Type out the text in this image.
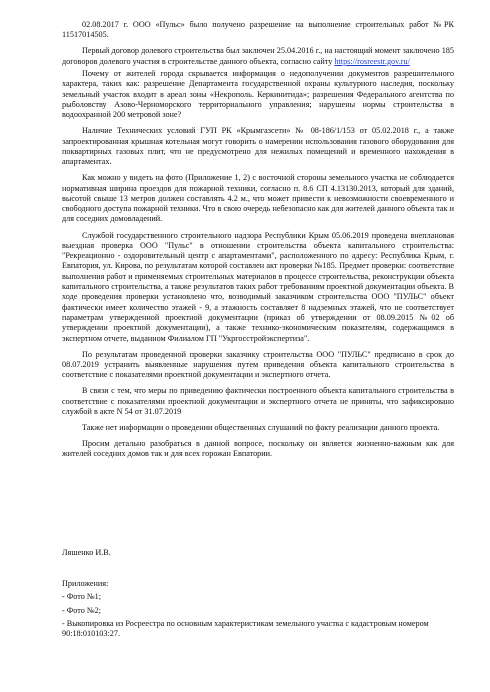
02.08.2017 г. ООО «Пульс» было получено разрешение на выполнение строительных работ №РК 11517014505.

Первый договор долевого строительства был заключен 25.04.2016 г., на настоящий момент заключено 185 договоров долевого участия в строительстве данного объекта, согласно сайту https://rosreestr.gov.ru/

Почему от жителей города скрывается информация о недополучении документов разрешительного характера, таких как: разрешение Департамента государственной охраны культурного наследия, поскольку земельный участок входит в ареал зоны «Некрополь. Керкинитида»; разрешения Федерального агентства по рыболовству Азово-Черноморского территориального управления; нарушены нормы строительства в водоохранной 200 метровой зоне?

Наличие Технических условий ГУП РК «Крымгазсети» № 08-186/1/153 от 05.02.2018 г., а также запроектированная крышная котельная могут говорить о намерении использования газового оборудования для поквартирных газовых плит, что не предусмотрено для нежилых помещений и временного нахождения в апартаментах.

Как можно у видеть на фото (Приложение 1, 2) с восточной стороны земельного участка не соблюдается нормативная ширина проездов для пожарной техники, согласно п. 8.6 СП 4.13130.2013, который для зданий, высотой свыше 13 метров должен составлять 4.2 м., что может привести к невозможности своевременного и свободного доступа пожарной техники. Что в свою очередь небезопасно как для жителей данного объекта так и для соседних домовладений.

Службой государственного строительного надзора Республики Крым 05.06.2019 проведена внеплановая выездная проверка ООО "Пульс" в отношении строительства объекта капитального строительства: "Рекреационно - оздоровительный центр с апартаментами", расположенного по адресу: Республика Крым, г. Евпатория, ул. Кирова, по результатам которой составлен акт проверки №185. Предмет проверки: соответствие выполнения работ и применяемых строительных материалов в процессе строительства, реконструкции объекта капитального строительства, а также результатов таких работ требованиям проектной документации объекта. В ходе проведения проверки установлено что, возводимый заказчиком строительства ООО "ПУЛЬС" объект фактически имеет количество этажей - 9, а этажность составляет 8 надземных этажей, что не соответствует параметрам утвержденной проектной документации (приказ об утверждении от 08.09.2015 №02 об утверждении проектной документации), а также технико-экономическим показателям, содержащимся в экспертном отчете, выданном Филиалом ГП "Укргосстройэкспертиза".

По результатам проведенной проверки заказчику строительства ООО "ПУЛЬС" предписано в срок до 08.07.2019 устранить выявленные нарушения путем приведения объекта капитального строительства в соответствие с показателями проектной документации и экспертного отчета.

В связи с тем, что меры по приведению фактически построенного объекта капитального строительства в соответствие с показателями проектной документации и экспертного отчета не приняты, что зафиксировано службой в акте N 54 от 31.07.2019

Также нет информации о проведении общественных слушаний по факту реализации данного проекта.

Просим детально разобраться в данной вопросе, поскольку он является жизненно-важным как для жителей соседних домов так и для всех горожан Евпатории.

Ляшенко И.В.
Приложения:
- Фото №1;
- Фото №2;
- Выкопировка из Росреестра по основным характеристикам земельного участка с кадастровым номером 90:18:010103:27.
